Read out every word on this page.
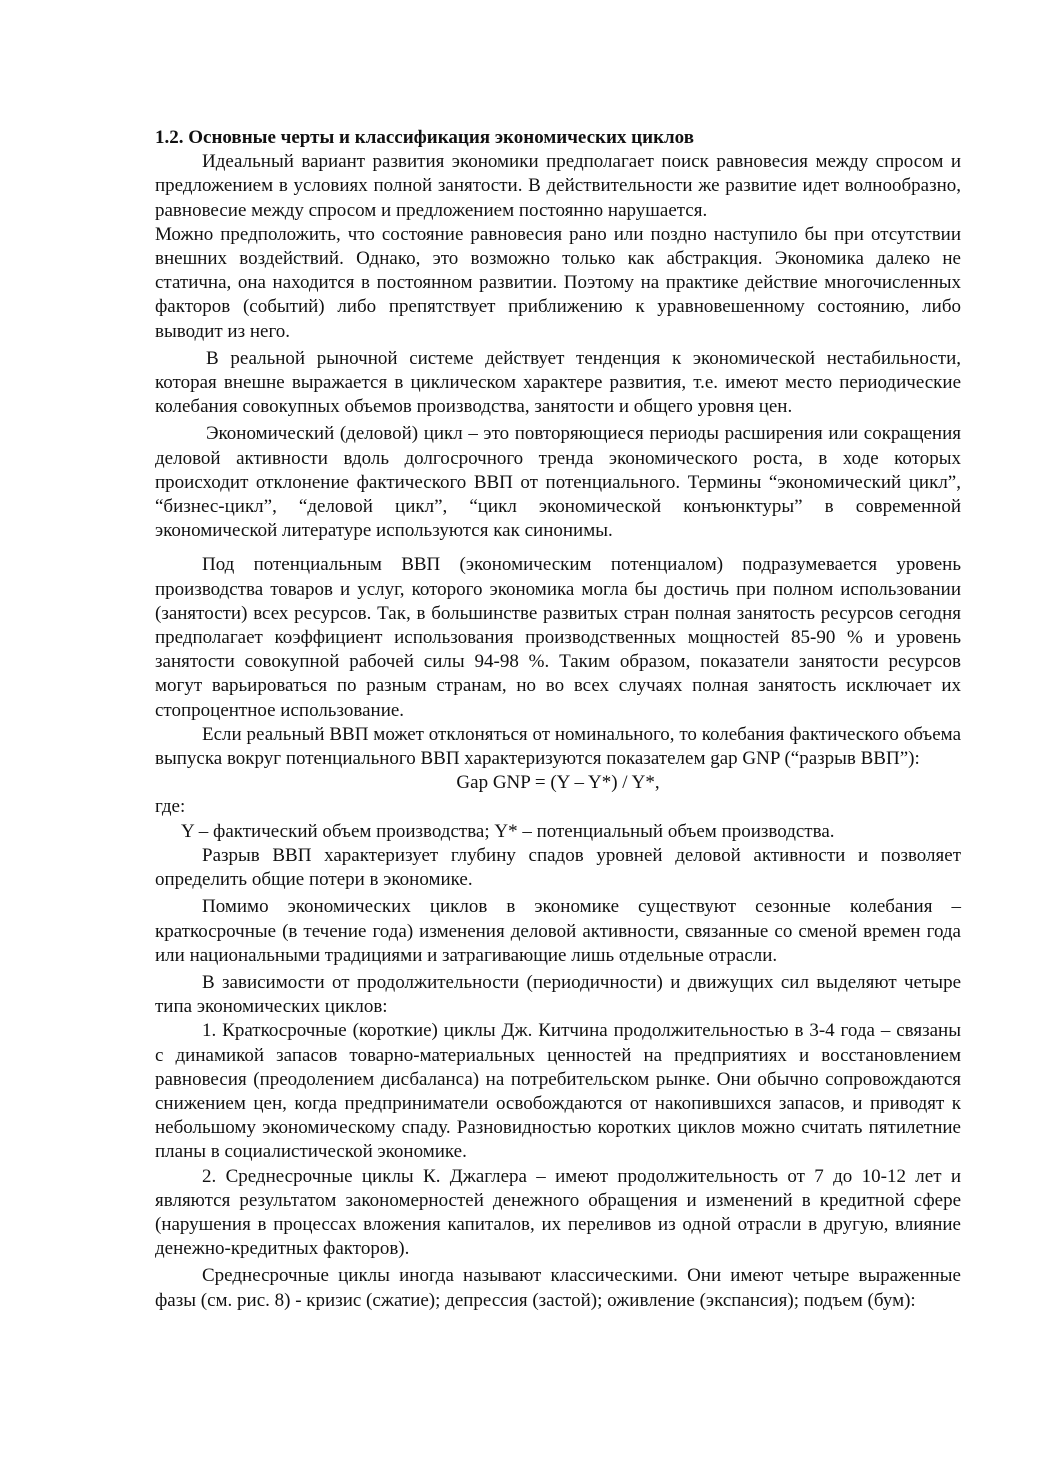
1.2. Основные черты и классификация экономических циклов

Идеальный вариант развития экономики предполагает поиск равновесия между спросом и предложением в условиях полной занятости. В действительности же развитие идет волнообразно, равновесие между спросом и предложением постоянно нарушается.

Можно предположить, что состояние равновесия рано или поздно наступило бы при отсутствии внешних воздействий. Однако, это возможно только как абстракция. Экономика далеко не статична, она находится в постоянном развитии. Поэтому на практике действие многочисленных факторов (событий) либо препятствует приближению к уравновешенному состоянию, либо выводит из него.

В реальной рыночной системе действует тенденция к экономической нестабильности, которая внешне выражается в циклическом характере развития, т.е. имеют место периодические колебания совокупных объемов производства, занятости и общего уровня цен.

Экономический (деловой) цикл – это повторяющиеся периоды расширения или сокращения деловой активности вдоль долгосрочного тренда экономического роста, в ходе которых происходит отклонение фактического ВВП от потенциального. Термины “экономический цикл”, “бизнес-цикл”, “деловой цикл”, “цикл экономической конъюнктуры” в современной экономической литературе используются как синонимы.

Под потенциальным ВВП (экономическим потенциалом) подразумевается уровень производства товаров и услуг, которого экономика могла бы достичь при полном использовании (занятости) всех ресурсов. Так, в большинстве развитых стран полная занятость ресурсов сегодня предполагает коэффициент использования производственных мощностей 85-90 % и уровень занятости совокупной рабочей силы 94-98 %. Таким образом, показатели занятости ресурсов могут варьироваться по разным странам, но во всех случаях полная занятость исключает их стопроцентное использование.

Если реальный ВВП может отклоняться от номинального, то колебания фактического объема выпуска вокруг потенциального ВВП характеризуются показателем gap GNP (“разрыв ВВП”):

Gap GNP = (Y – Y*) / Y*,

где:

Y – фактический объем производства; Y* – потенциальный объем производства.

Разрыв ВВП характеризует глубину спадов уровней деловой активности и позволяет определить общие потери в экономике.

Помимо экономических циклов в экономике существуют сезонные колебания – краткосрочные (в течение года) изменения деловой активности, связанные со сменой времен года или национальными традициями и затрагивающие лишь отдельные отрасли.

В зависимости от продолжительности (периодичности) и движущих сил выделяют четыре типа экономических циклов:

1. Краткосрочные (короткие) циклы Дж. Китчина продолжительностью в 3-4 года – связаны с динамикой запасов товарно-материальных ценностей на предприятиях и восстановлением равновесия (преодолением дисбаланса) на потребительском рынке. Они обычно сопровождаются снижением цен, когда предприниматели освобождаются от накопившихся запасов, и приводят к небольшому экономическому спаду. Разновидностью коротких циклов можно считать пятилетние планы в социалистической экономике.

2. Среднесрочные циклы К. Джаглера – имеют продолжительность от 7 до 10-12 лет и являются результатом закономерностей денежного обращения и изменений в кредитной сфере (нарушения в процессах вложения капиталов, их переливов из одной отрасли в другую, влияние денежно-кредитных факторов).

Среднесрочные циклы иногда называют классическими. Они имеют четыре выраженные фазы (см. рис. 8) - кризис (сжатие); депрессия (застой); оживление (экспансия); подъем (бум):
